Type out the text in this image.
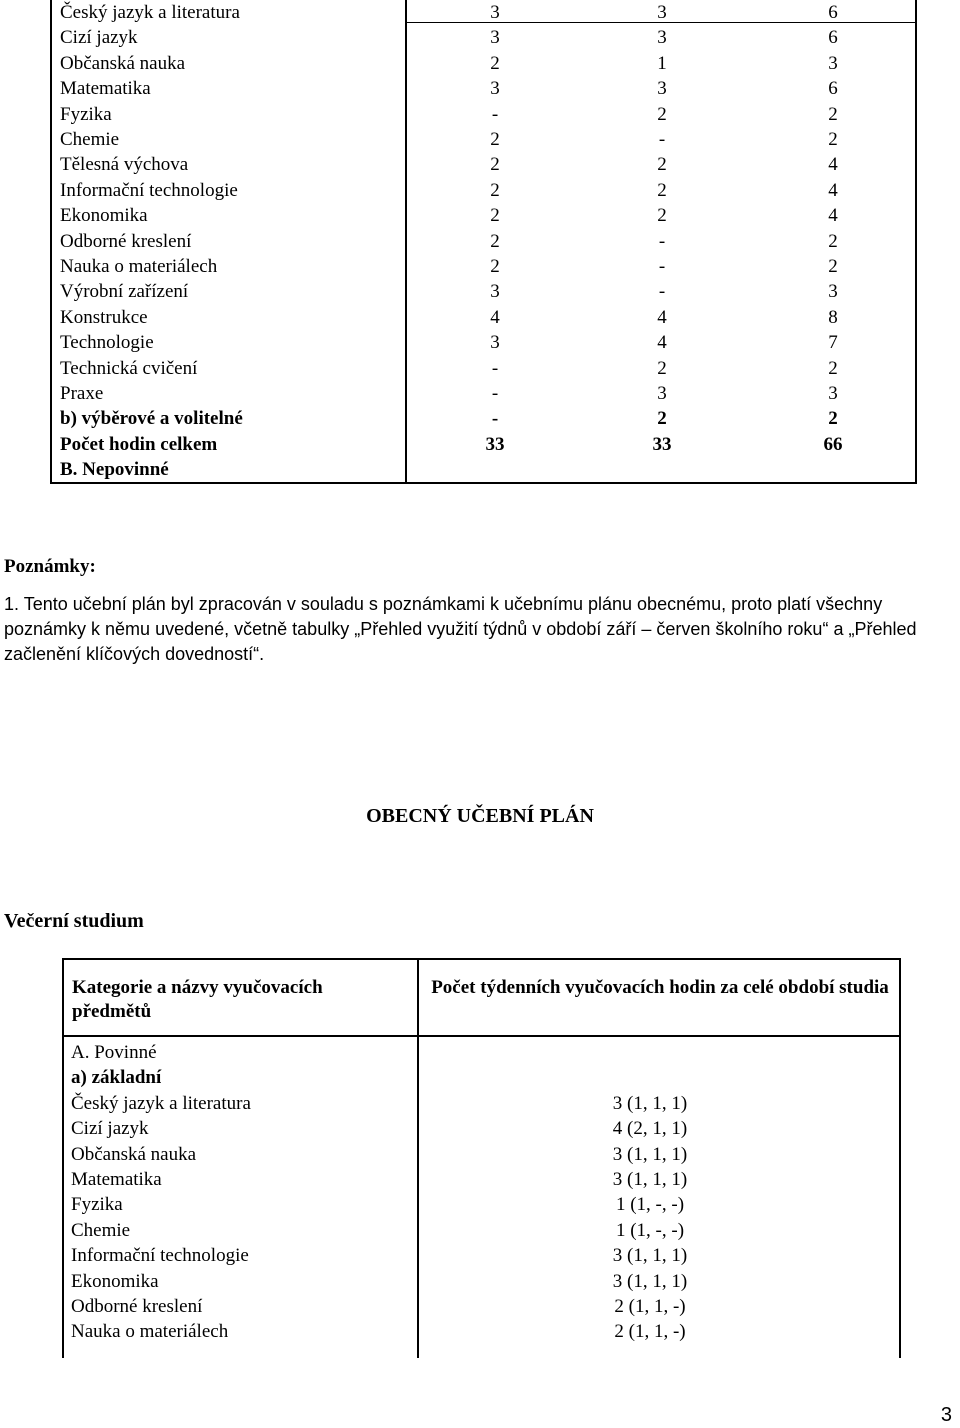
Český jazyk a literatura	3	3	6
Cizí jazyk	3	3	6
Občanská nauka	2	1	3
Matematika	3	3	6
Fyzika	-	2	2
Chemie	2	-	2
Tělesná výchova	2	2	4
Informační technologie	2	2	4
Ekonomika	2	2	4
Odborné kreslení	2	-	2
Nauka o materiálech	2	-	2
Výrobní zařízení	3	-	3
Konstrukce	4	4	8
Technologie	3	4	7
Technická cvičení	-	2	2
Praxe	-	3	3
b) výběrové a volitelné	-	2	2
Počet hodin celkem	33	33	66
B. Nepovinné
Poznámky:
1. Tento učební plán byl zpracován v souladu s poznámkami k učebnímu plánu obecnému, proto platí všechny poznámky k němu uvedené, včetně tabulky „Přehled využití týdnů v období září – červen školního roku“ a „Přehled začlenění klíčových dovedností“.
OBECNÝ UČEBNÍ PLÁN
Večerní studium
Kategorie a názvy vyučovacích předmětů
Počet týdenních vyučovacích hodin za celé období studia
A. Povinné
a) základní
Český jazyk a literatura	3 (1, 1, 1)
Cizí jazyk	4 (2, 1, 1)
Občanská nauka	3 (1, 1, 1)
Matematika	3 (1, 1, 1)
Fyzika	1 (1, -, -)
Chemie	1 (1, -, -)
Informační technologie	3 (1, 1, 1)
Ekonomika	3 (1, 1, 1)
Odborné kreslení	2 (1, 1, -)
Nauka o materiálech	2 (1, 1, -)
3
